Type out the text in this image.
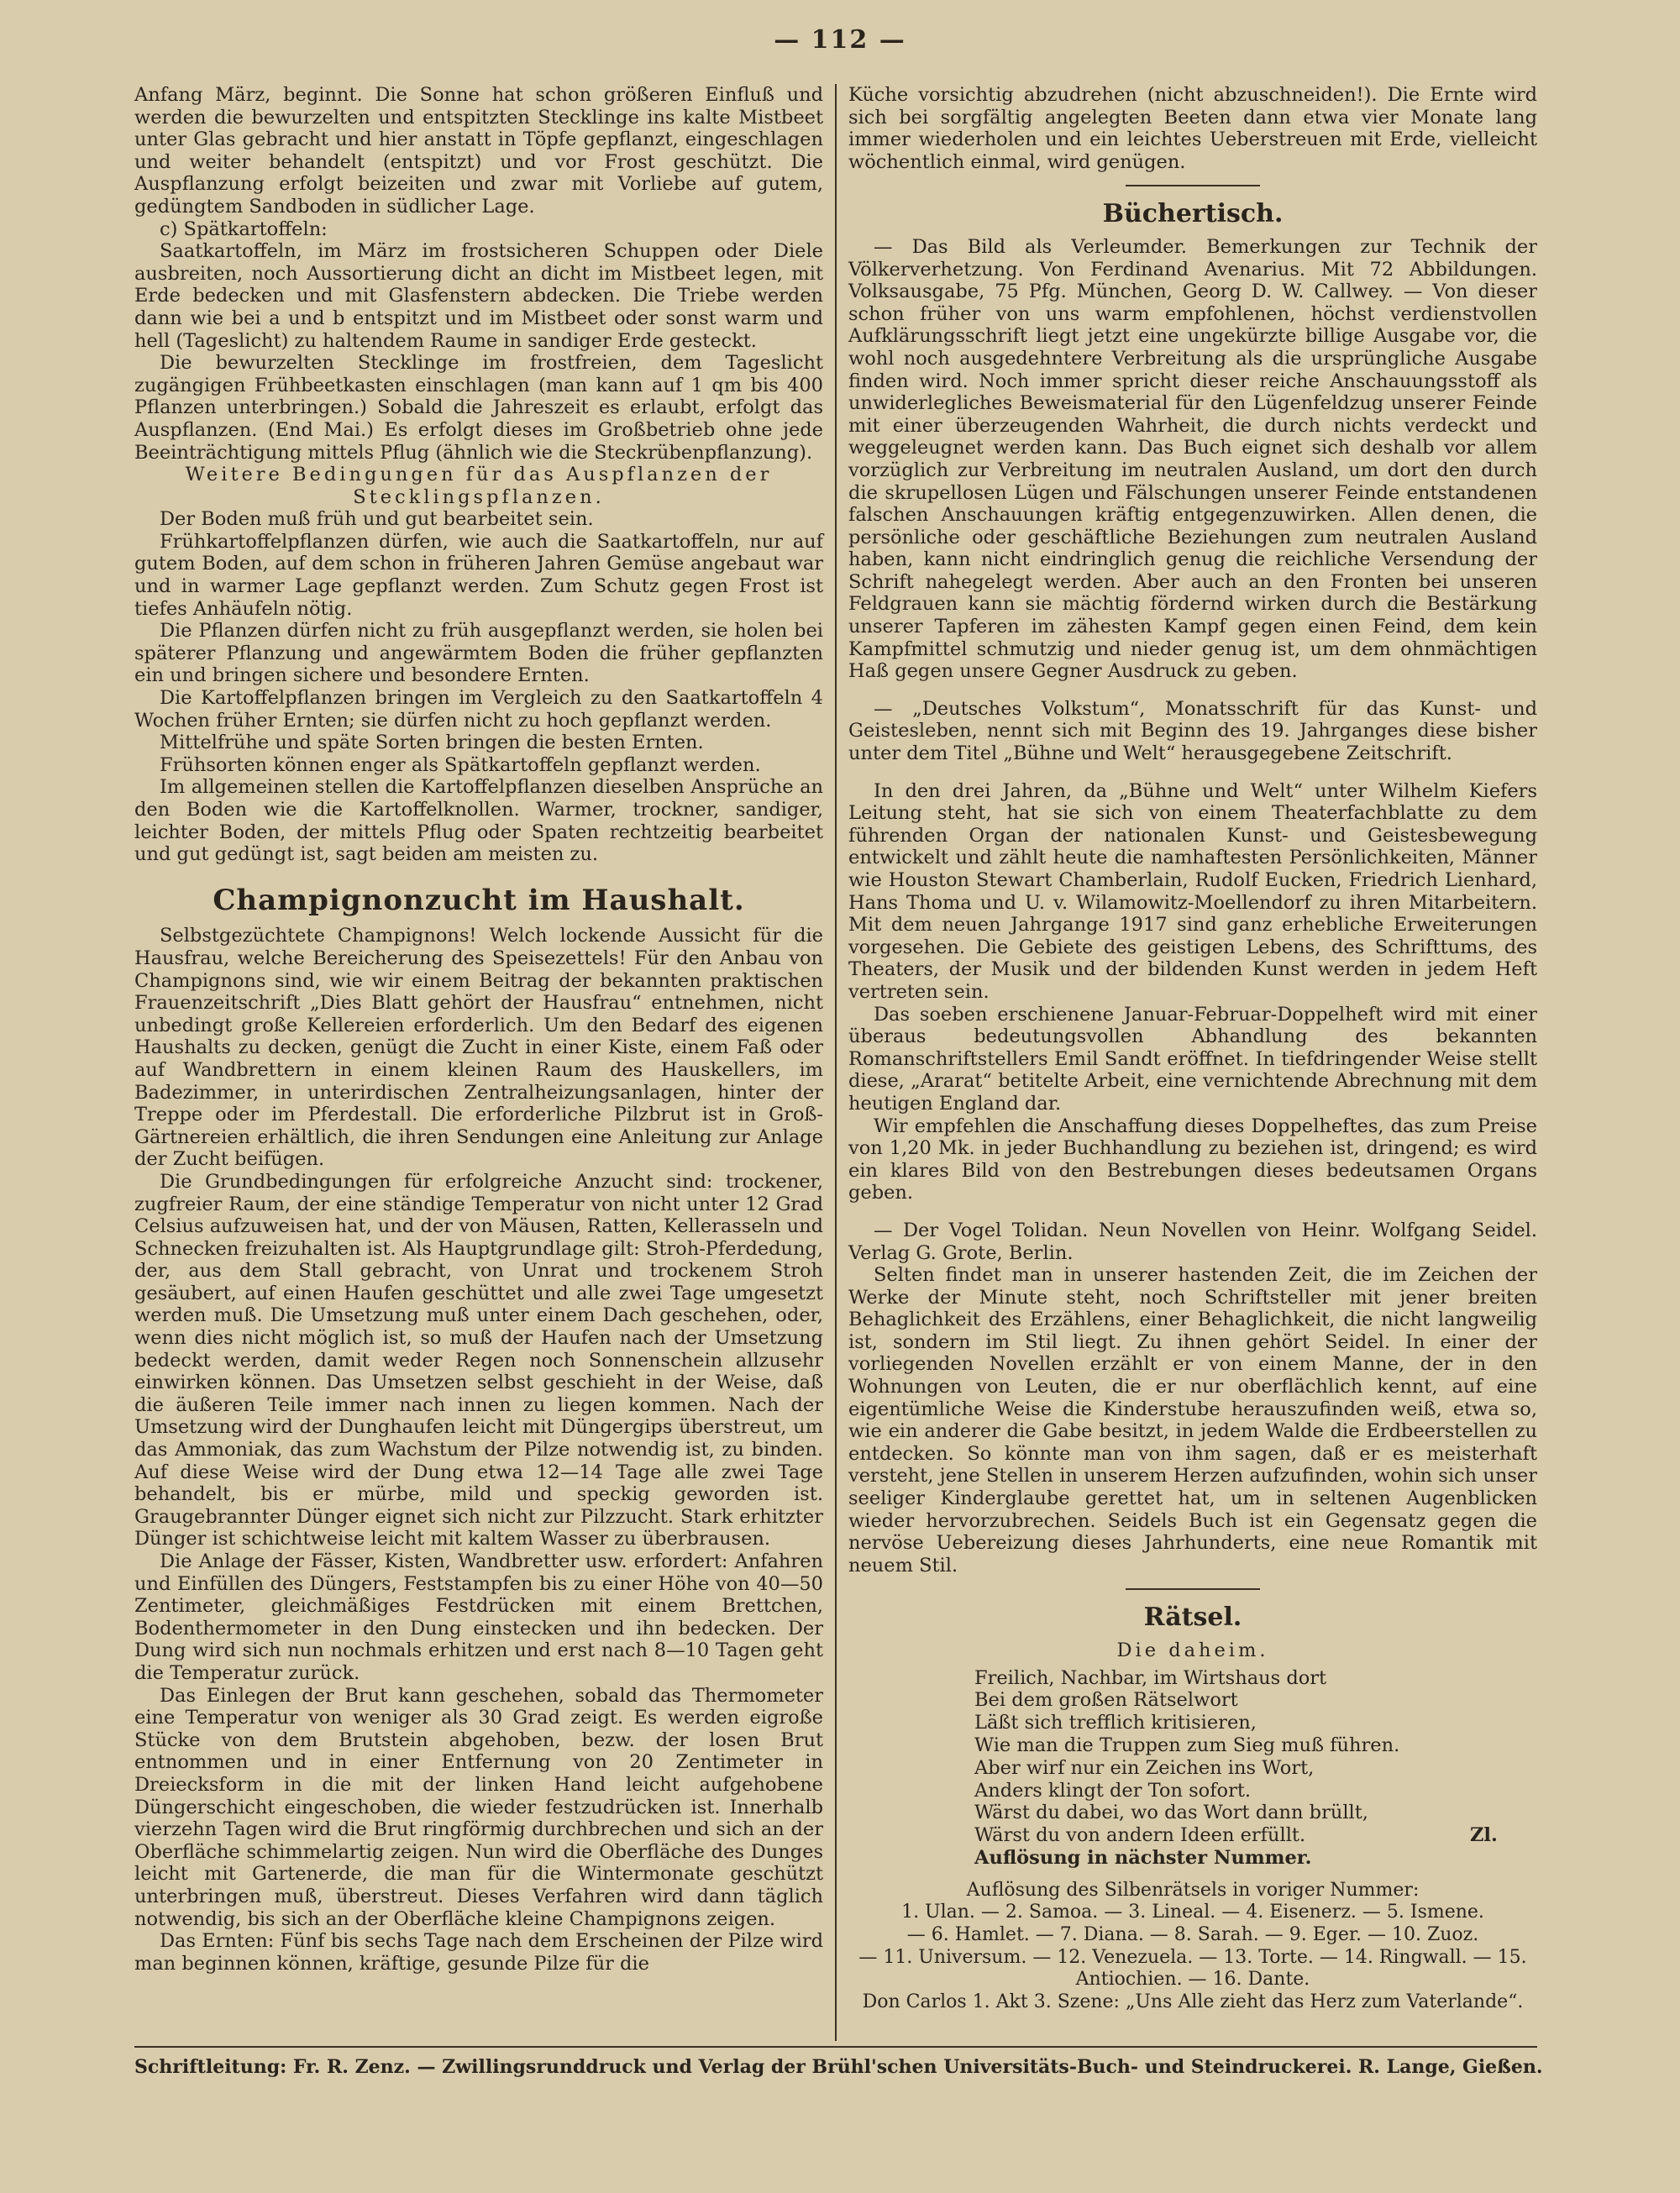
— 112 —

Anfang März, beginnt. Die Sonne hat schon größeren Einfluß und werden die bewurzelten und entspitzten Stecklinge ins kalte Mistbeet unter Glas gebracht und hier anstatt in Töpfe gepflanzt, eingeschlagen und weiter behandelt (entspitzt) und vor Frost geschützt. Die Auspflanzung erfolgt beizeiten und zwar mit Vorliebe auf gutem, gedüngtem Sandboden in südlicher Lage.

c) Spätkartoffeln:

Saatkartoffeln, im März im frostsicheren Schuppen oder Diele ausbreiten, noch Aussortierung dicht an dicht im Mistbeet legen, mit Erde bedecken und mit Glasfenstern abdecken. Die Triebe werden dann wie bei a und b entspitzt und im Mistbeet oder sonst warm und hell (Tageslicht) zu haltendem Raume in sandiger Erde gesteckt.

Die bewurzelten Stecklinge im frostfreien, dem Tageslicht zugängigen Frühbeetkasten einschlagen (man kann auf 1 qm bis 400 Pflanzen unterbringen.) Sobald die Jahreszeit es erlaubt, erfolgt das Auspflanzen. (End Mai.) Es erfolgt dieses im Großbetrieb ohne jede Beeinträchtigung mittels Pflug (ähnlich wie die Steckrübenpflanzung).

Weitere Bedingungen für das Auspflanzen der Stecklingspflanzen.

Der Boden muß früh und gut bearbeitet sein.

Frühkartoffelpflanzen dürfen, wie auch die Saatkartoffeln, nur auf gutem Boden, auf dem schon in früheren Jahren Gemüse angebaut war und in warmer Lage gepflanzt werden. Zum Schutz gegen Frost ist tiefes Anhäufeln nötig.

Die Pflanzen dürfen nicht zu früh ausgepflanzt werden, sie holen bei späterer Pflanzung und angewärmtem Boden die früher gepflanzten ein und bringen sichere und besondere Ernten.

Die Kartoffelpflanzen bringen im Vergleich zu den Saatkartoffeln 4 Wochen früher Ernten; sie dürfen nicht zu hoch gepflanzt werden.

Mittelfrühe und späte Sorten bringen die besten Ernten.

Frühsorten können enger als Spätkartoffeln gepflanzt werden.

Im allgemeinen stellen die Kartoffelpflanzen dieselben Ansprüche an den Boden wie die Kartoffelknollen. Warmer, trockner, sandiger, leichter Boden, der mittels Pflug oder Spaten rechtzeitig bearbeitet und gut gedüngt ist, sagt beiden am meisten zu.

Champignonzucht im Haushalt.

Selbstgezüchtete Champignons! Welch lockende Aussicht für die Hausfrau, welche Bereicherung des Speisezettels! Für den Anbau von Champignons sind, wie wir einem Beitrag der bekannten praktischen Frauenzeitschrift „Dies Blatt gehört der Hausfrau“ entnehmen, nicht unbedingt große Kellereien erforderlich. Um den Bedarf des eigenen Haushalts zu decken, genügt die Zucht in einer Kiste, einem Faß oder auf Wandbrettern in einem kleinen Raum des Hauskellers, im Badezimmer, in unterirdischen Zentralheizungsanlagen, hinter der Treppe oder im Pferdestall. Die erforderliche Pilzbrut ist in Groß-Gärtnereien erhältlich, die ihren Sendungen eine Anleitung zur Anlage der Zucht beifügen.

Die Grundbedingungen für erfolgreiche Anzucht sind: trockener, zugfreier Raum, der eine ständige Temperatur von nicht unter 12 Grad Celsius aufzuweisen hat, und der von Mäusen, Ratten, Kellerasseln und Schnecken freizuhalten ist. Als Hauptgrundlage gilt: Stroh-Pferdedung, der, aus dem Stall gebracht, von Unrat und trockenem Stroh gesäubert, auf einen Haufen geschüttet und alle zwei Tage umgesetzt werden muß. Die Umsetzung muß unter einem Dach geschehen, oder, wenn dies nicht möglich ist, so muß der Haufen nach der Umsetzung bedeckt werden, damit weder Regen noch Sonnenschein allzusehr einwirken können. Das Umsetzen selbst geschieht in der Weise, daß die äußeren Teile immer nach innen zu liegen kommen. Nach der Umsetzung wird der Dunghaufen leicht mit Düngergips überstreut, um das Ammoniak, das zum Wachstum der Pilze notwendig ist, zu binden. Auf diese Weise wird der Dung etwa 12—14 Tage alle zwei Tage behandelt, bis er mürbe, mild und speckig geworden ist. Graugebrannter Dünger eignet sich nicht zur Pilzzucht. Stark erhitzter Dünger ist schichtweise leicht mit kaltem Wasser zu überbrausen.

Die Anlage der Fässer, Kisten, Wandbretter usw. erfordert: Anfahren und Einfüllen des Düngers, Feststampfen bis zu einer Höhe von 40—50 Zentimeter, gleichmäßiges Festdrücken mit einem Brettchen, Bodenthermometer in den Dung einstecken und ihn bedecken. Der Dung wird sich nun nochmals erhitzen und erst nach 8—10 Tagen geht die Temperatur zurück.

Das Einlegen der Brut kann geschehen, sobald das Thermometer eine Temperatur von weniger als 30 Grad zeigt. Es werden eigroße Stücke von dem Brutstein abgehoben, bezw. der losen Brut entnommen und in einer Entfernung von 20 Zentimeter in Dreiecksform in die mit der linken Hand leicht aufgehobene Düngerschicht eingeschoben, die wieder festzudrücken ist. Innerhalb vierzehn Tagen wird die Brut ringförmig durchbrechen und sich an der Oberfläche schimmelartig zeigen. Nun wird die Oberfläche des Dunges leicht mit Gartenerde, die man für die Wintermonate geschützt unterbringen muß, überstreut. Dieses Verfahren wird dann täglich notwendig, bis sich an der Oberfläche kleine Champignons zeigen.

Das Ernten: Fünf bis sechs Tage nach dem Erscheinen der Pilze wird man beginnen können, kräftige, gesunde Pilze für die

Küche vorsichtig abzudrehen (nicht abzuschneiden!). Die Ernte wird sich bei sorgfältig angelegten Beeten dann etwa vier Monate lang immer wiederholen und ein leichtes Ueberstreuen mit Erde, vielleicht wöchentlich einmal, wird genügen.

Büchertisch.

— Das Bild als Verleumder. Bemerkungen zur Technik der Völkerverhetzung. Von Ferdinand Avenarius. Mit 72 Abbildungen. Volksausgabe, 75 Pfg. München, Georg D. W. Callwey. — Von dieser schon früher von uns warm empfohlenen, höchst verdienstvollen Aufklärungsschrift liegt jetzt eine ungekürzte billige Ausgabe vor, die wohl noch ausgedehntere Verbreitung als die ursprüngliche Ausgabe finden wird. Noch immer spricht dieser reiche Anschauungsstoff als unwiderlegliches Beweismaterial für den Lügenfeldzug unserer Feinde mit einer überzeugenden Wahrheit, die durch nichts verdeckt und weggeleugnet werden kann. Das Buch eignet sich deshalb vor allem vorzüglich zur Verbreitung im neutralen Ausland, um dort den durch die skrupellosen Lügen und Fälschungen unserer Feinde entstandenen falschen Anschauungen kräftig entgegenzuwirken. Allen denen, die persönliche oder geschäftliche Beziehungen zum neutralen Ausland haben, kann nicht eindringlich genug die reichliche Versendung der Schrift nahegelegt werden. Aber auch an den Fronten bei unseren Feldgrauen kann sie mächtig fördernd wirken durch die Bestärkung unserer Tapferen im zähesten Kampf gegen einen Feind, dem kein Kampfmittel schmutzig und nieder genug ist, um dem ohnmächtigen Haß gegen unsere Gegner Ausdruck zu geben.

— „Deutsches Volkstum“, Monatsschrift für das Kunst- und Geistesleben, nennt sich mit Beginn des 19. Jahrganges diese bisher unter dem Titel „Bühne und Welt“ herausgegebene Zeitschrift.

In den drei Jahren, da „Bühne und Welt“ unter Wilhelm Kiefers Leitung steht, hat sie sich von einem Theaterfachblatte zu dem führenden Organ der nationalen Kunst- und Geistesbewegung entwickelt und zählt heute die namhaftesten Persönlichkeiten, Männer wie Houston Stewart Chamberlain, Rudolf Eucken, Friedrich Lienhard, Hans Thoma und U. v. Wilamowitz-Moellendorf zu ihren Mitarbeitern. Mit dem neuen Jahrgange 1917 sind ganz erhebliche Erweiterungen vorgesehen. Die Gebiete des geistigen Lebens, des Schrifttums, des Theaters, der Musik und der bildenden Kunst werden in jedem Heft vertreten sein.

Das soeben erschienene Januar-Februar-Doppelheft wird mit einer überaus bedeutungsvollen Abhandlung des bekannten Romanschriftstellers Emil Sandt eröffnet. In tiefdringender Weise stellt diese, „Ararat“ betitelte Arbeit, eine vernichtende Abrechnung mit dem heutigen England dar.

Wir empfehlen die Anschaffung dieses Doppelheftes, das zum Preise von 1,20 Mk. in jeder Buchhandlung zu beziehen ist, dringend; es wird ein klares Bild von den Bestrebungen dieses bedeutsamen Organs geben.

— Der Vogel Tolidan. Neun Novellen von Heinr. Wolfgang Seidel. Verlag G. Grote, Berlin.

Selten findet man in unserer hastenden Zeit, die im Zeichen der Werke der Minute steht, noch Schriftsteller mit jener breiten Behaglichkeit des Erzählens, einer Behaglichkeit, die nicht langweilig ist, sondern im Stil liegt. Zu ihnen gehört Seidel. In einer der vorliegenden Novellen erzählt er von einem Manne, der in den Wohnungen von Leuten, die er nur oberflächlich kennt, auf eine eigentümliche Weise die Kinderstube herauszufinden weiß, etwa so, wie ein anderer die Gabe besitzt, in jedem Walde die Erdbeerstellen zu entdecken. So könnte man von ihm sagen, daß er es meisterhaft versteht, jene Stellen in unserem Herzen aufzufinden, wohin sich unser seeliger Kinderglaube gerettet hat, um in seltenen Augenblicken wieder hervorzubrechen. Seidels Buch ist ein Gegensatz gegen die nervöse Uebereizung dieses Jahrhunderts, eine neue Romantik mit neuem Stil.

Rätsel.

Die daheim.

Freilich, Nachbar, im Wirtshaus dort
Bei dem großen Rätselwort
Läßt sich trefflich kritisieren,
Wie man die Truppen zum Sieg muß führen.
Aber wirf nur ein Zeichen ins Wort,
Anders klingt der Ton sofort.
Wärst du dabei, wo das Wort dann brüllt,
Wärst du von andern Ideen erfüllt.	Zl.
Auflösung in nächster Nummer.
Auflösung des Silbenrätsels in voriger Nummer:
1. Ulan. — 2. Samoa. — 3. Lineal. — 4. Eisenerz. — 5. Ismene.
— 6. Hamlet. — 7. Diana. — 8. Sarah. — 9. Eger. — 10. Zuoz.
— 11. Universum. — 12. Venezuela. — 13. Torte. — 14. Ringwall. — 15. Antiochien. — 16. Dante.
Don Carlos 1. Akt 3. Szene: „Uns Alle zieht das Herz zum Vaterlande“.
Schriftleitung: Fr. R. Zenz. — Zwillingsrunddruck und Verlag der Brühl'schen Universitäts-Buch- und Steindruckerei. R. Lange, Gießen.
